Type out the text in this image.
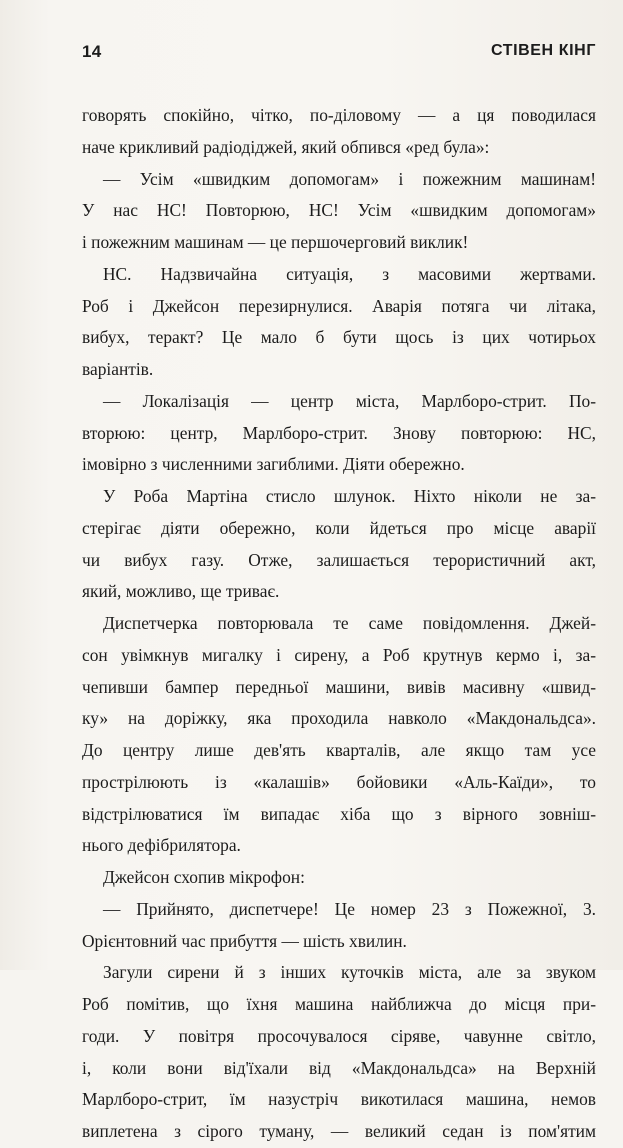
14	СТІВЕН КІНГ
говорять спокійно, чітко, по-діловому — а ця поводилася
наче крикливий радіодіджей, який обпився «ред була»:
— Усім «швидким допомогам» і пожежним машинам!
У нас НС! Повторюю, НС! Усім «швидким допомогам»
і пожежним машинам — це першочерговий виклик!
НС. Надзвичайна ситуація, з масовими жертвами.
Роб і Джейсон перезирнулися. Аварія потяга чи літака,
вибух, теракт? Це мало б бути щось із цих чотирьох
варіантів.
— Локалізація — центр міста, Марлборо-стрит. По-
вторюю: центр, Марлборо-стрит. Знову повторюю: НС,
імовірно з численними загиблими. Діяти обережно.
У Роба Мартіна стисло шлунок. Ніхто ніколи не за-
стерігає діяти обережно, коли йдеться про місце аварії
чи вибух газу. Отже, залишається терористичний акт,
який, можливо, ще триває.
Диспетчерка повторювала те саме повідомлення. Джей-
сон увімкнув мигалку і сирену, а Роб крутнув кермо і, за-
чепивши бампер передньої машини, вивів масивну «швид-
ку» на доріжку, яка проходила навколо «Макдональдса».
До центру лише дев'ять кварталів, але якщо там усе
прострілюють із «калашів» бойовики «Аль-Каїди», то
відстрілюватися їм випадає хіба що з вірного зовніш-
нього дефібрилятора.
Джейсон схопив мікрофон:
— Прийнято, диспетчере! Це номер 23 з Пожежної, 3.
Орієнтовний час прибуття — шість хвилин.
Загули сирени й з інших куточків міста, але за звуком
Роб помітив, що їхня машина найближча до місця при-
годи. У повітря просочувалося сіряве, чавунне світло,
і, коли вони від'їхали від «Макдональдса» на Верхній
Марлборо-стрит, їм назустріч викотилася машина, немов
виплетена з сірого туману, — великий седан із пом'ятим
